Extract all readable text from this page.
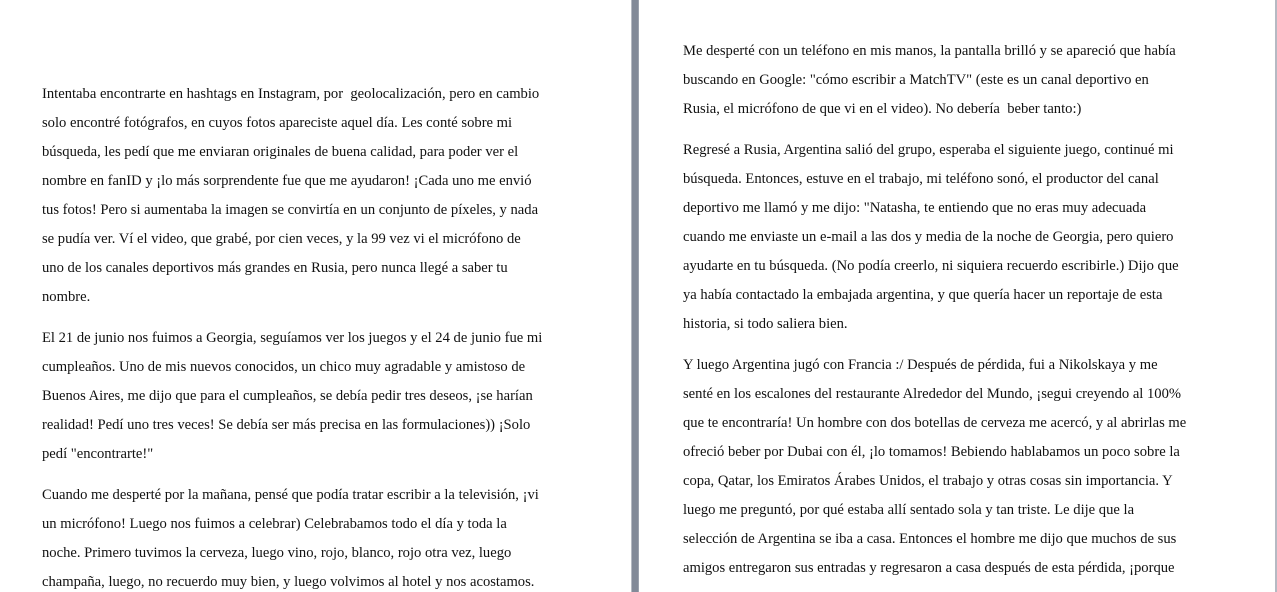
Intentaba encontrarte en hashtags en Instagram, por  geolocalización, pero en cambio
solo encontré fotógrafos, en cuyos fotos apareciste aquel día. Les conté sobre mi
búsqueda, les pedí que me enviaran originales de buena calidad, para poder ver el
nombre en fanID y ¡lo más sorprendente fue que me ayudaron! ¡Cada uno me envió
tus fotos! Pero si aumentaba la imagen se convirtía en un conjunto de píxeles, y nada
se pudía ver. Ví el video, que grabé, por cien veces, y la 99 vez vi el micrófono de
uno de los canales deportivos más grandes en Rusia, pero nunca llegé a saber tu
nombre.

El 21 de junio nos fuimos a Georgia, seguíamos ver los juegos y el 24 de junio fue mi
cumpleaños. Uno de mis nuevos conocidos, un chico muy agradable y amistoso de
Buenos Aires, me dijo que para el cumpleaños, se debía pedir tres deseos, ¡se harían
realidad! Pedí uno tres veces! Se debía ser más precisa en las formulaciones)) ¡Solo
pedí "encontrarte!"

Cuando me desperté por la mañana, pensé que podía tratar escribir a la televisión, ¡vi
un micrófono! Luego nos fuimos a celebrar) Celebrabamos todo el día y toda la
noche. Primero tuvimos la cerveza, luego vino, rojo, blanco, rojo otra vez, luego
champaña, luego, no recuerdo muy bien, y luego volvimos al hotel y nos acostamos.

Me desperté con un teléfono en mis manos, la pantalla brilló y se apareció que había
buscando en Google: "cómo escribir a MatchTV" (este es un canal deportivo en
Rusia, el micrófono de que vi en el video). No debería  beber tanto:)

Regresé a Rusia, Argentina salió del grupo, esperaba el siguiente juego, continué mi
búsqueda. Entonces, estuve en el trabajo, mi teléfono sonó, el productor del canal
deportivo me llamó y me dijo: "Natasha, te entiendo que no eras muy adecuada
cuando me enviaste un e-mail a las dos y media de la noche de Georgia, pero quiero
ayudarte en tu búsqueda. (No podía creerlo, ni siquiera recuerdo escribirle.) Dijo que
ya había contactado la embajada argentina, y que quería hacer un reportaje de esta
historia, si todo saliera bien.

Y luego Argentina jugó con Francia :/ Después de pérdida, fui a Nikolskaya y me
senté en los escalones del restaurante Alrededor del Mundo, ¡segui creyendo al 100%
que te encontraría! Un hombre con dos botellas de cerveza me acercó, y al abrirlas me
ofreció beber por Dubai con él, ¡lo tomamos! Bebiendo hablabamos un poco sobre la
copa, Qatar, los Emiratos Árabes Unidos, el trabajo y otras cosas sin importancia. Y
luego me preguntó, por qué estaba allí sentado sola y tan triste. Le dije que la
selección de Argentina se iba a casa. Entonces el hombre me dijo que muchos de sus
amigos entregaron sus entradas y regresaron a casa después de esta pérdida, ¡porque
